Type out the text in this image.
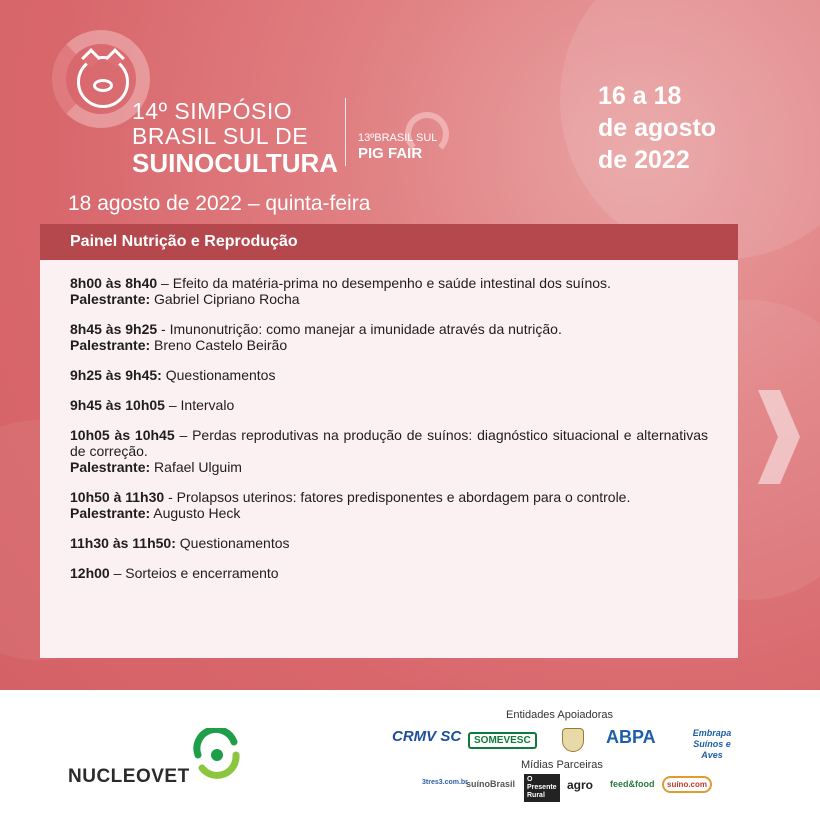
14º SIMPÓSIO
BRASIL SUL DE
SUINOCULTURA
13ºBRASIL SUL
PIG FAIR
16 a 18
de agosto
de 2022
18 agosto de 2022 – quinta-feira
Painel Nutrição e Reprodução
8h00 às 8h40 – Efeito da matéria-prima no desempenho e saúde intestinal dos suínos.
Palestrante: Gabriel Cipriano Rocha
8h45 às 9h25 - Imunonutrição: como manejar a imunidade através da nutrição.
Palestrante: Breno Castelo Beirão
9h25 às 9h45: Questionamentos
9h45 às 10h05 – Intervalo
10h05 às 10h45 – Perdas reprodutivas na produção de suínos: diagnóstico situacional e alternativas de correção.
Palestrante: Rafael Ulguim
10h50 à 11h30 - Prolapsos uterinos: fatores predisponentes e abordagem para o controle.
Palestrante: Augusto Heck
11h30 às 11h50: Questionamentos
12h00 – Sorteios e encerramento
NUCLEOVET
Entidades Apoiadoras
CRMV SC	SOMEVESC	ABPA	Embrapa Suínos e Aves
Mídias Parceiras
3tres3.com.br
suínoBrasil	O Presente Rural
agro feed&food	suíno.com
